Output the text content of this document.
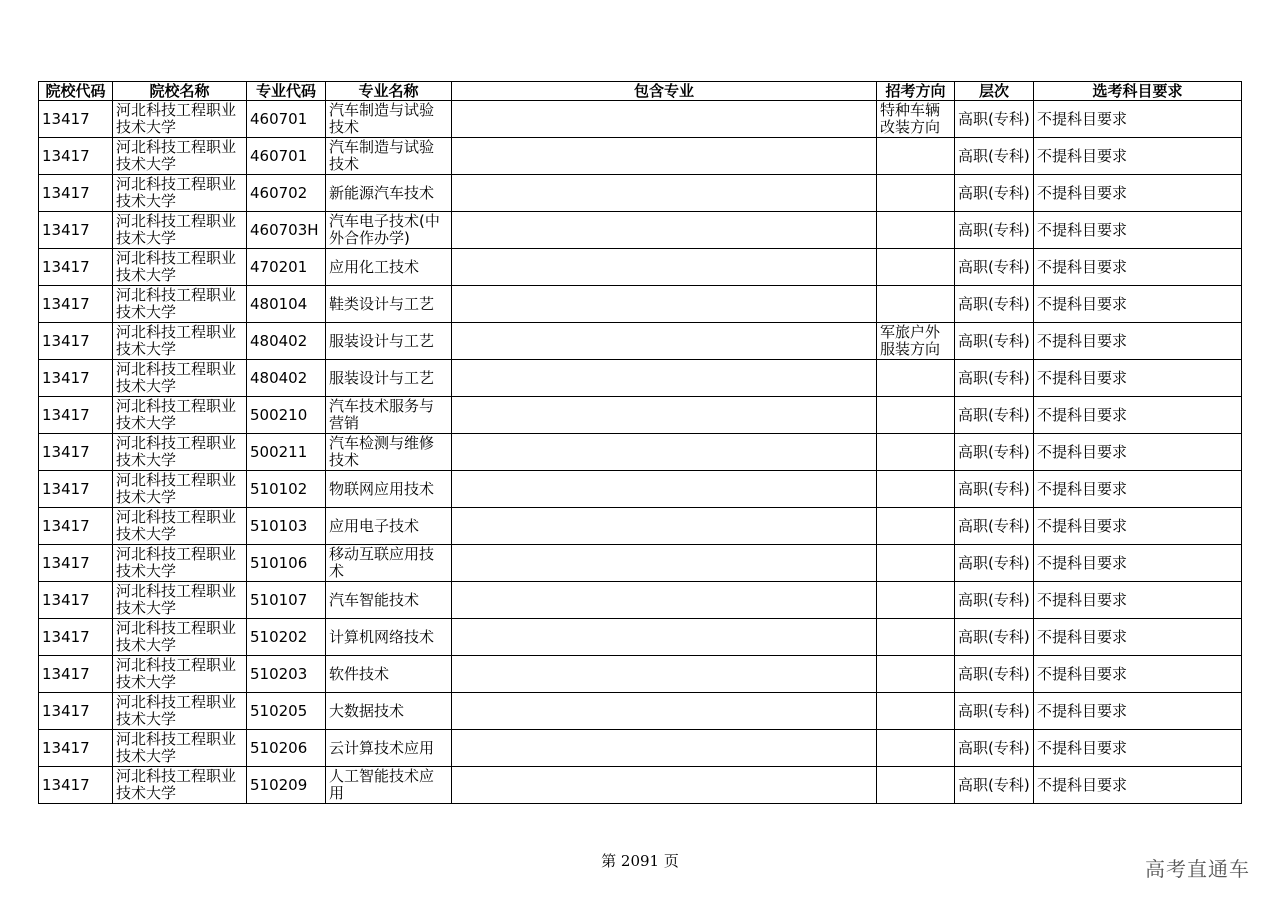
院校代码	院校名称	专业代码	专业名称	包含专业	招考方向	层次	选考科目要求
13417	河北科技工程职业技术大学	460701	汽车制造与试验技术		特种车辆改装方向	高职(专科)	不提科目要求
13417	河北科技工程职业技术大学	460701	汽车制造与试验技术			高职(专科)	不提科目要求
13417	河北科技工程职业技术大学	460702	新能源汽车技术			高职(专科)	不提科目要求
13417	河北科技工程职业技术大学	460703H	汽车电子技术(中外合作办学)			高职(专科)	不提科目要求
13417	河北科技工程职业技术大学	470201	应用化工技术			高职(专科)	不提科目要求
13417	河北科技工程职业技术大学	480104	鞋类设计与工艺			高职(专科)	不提科目要求
13417	河北科技工程职业技术大学	480402	服装设计与工艺		军旅户外服装方向	高职(专科)	不提科目要求
13417	河北科技工程职业技术大学	480402	服装设计与工艺			高职(专科)	不提科目要求
13417	河北科技工程职业技术大学	500210	汽车技术服务与营销			高职(专科)	不提科目要求
13417	河北科技工程职业技术大学	500211	汽车检测与维修技术			高职(专科)	不提科目要求
13417	河北科技工程职业技术大学	510102	物联网应用技术			高职(专科)	不提科目要求
13417	河北科技工程职业技术大学	510103	应用电子技术			高职(专科)	不提科目要求
13417	河北科技工程职业技术大学	510106	移动互联应用技术			高职(专科)	不提科目要求
13417	河北科技工程职业技术大学	510107	汽车智能技术			高职(专科)	不提科目要求
13417	河北科技工程职业技术大学	510202	计算机网络技术			高职(专科)	不提科目要求
13417	河北科技工程职业技术大学	510203	软件技术			高职(专科)	不提科目要求
13417	河北科技工程职业技术大学	510205	大数据技术			高职(专科)	不提科目要求
13417	河北科技工程职业技术大学	510206	云计算技术应用			高职(专科)	不提科目要求
13417	河北科技工程职业技术大学	510209	人工智能技术应用			高职(专科)	不提科目要求
第 2091 页	高考直通车
